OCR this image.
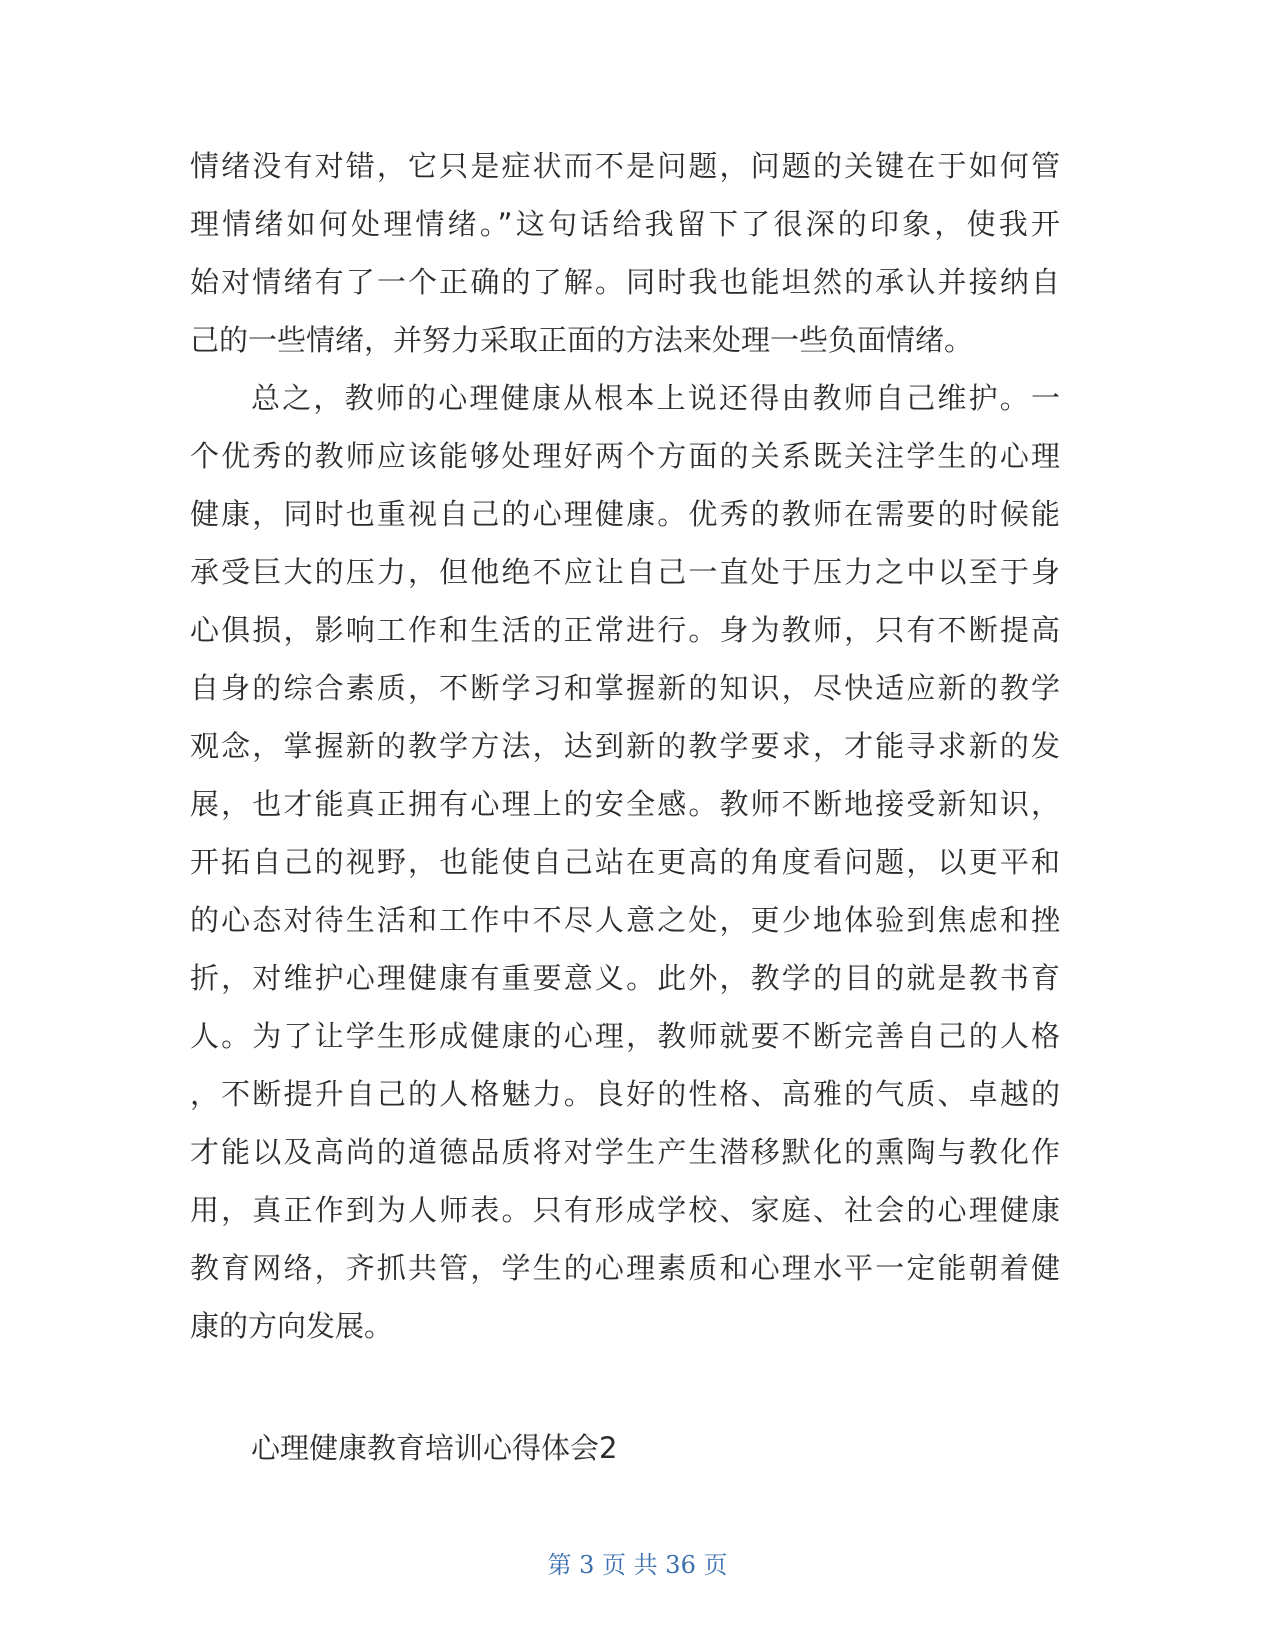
情绪没有对错，它只是症状而不是问题，问题的关键在于如何管
理情绪如何处理情绪。”这句话给我留下了很深的印象，使我开
始对情绪有了一个正确的了解。同时我也能坦然的承认并接纳自
己的一些情绪，并努力采取正面的方法来处理一些负面情绪。
总之，教师的心理健康从根本上说还得由教师自己维护。一
个优秀的教师应该能够处理好两个方面的关系既关注学生的心理
健康，同时也重视自己的心理健康。优秀的教师在需要的时候能
承受巨大的压力，但他绝不应让自己一直处于压力之中以至于身
心俱损，影响工作和生活的正常进行。身为教师，只有不断提高
自身的综合素质，不断学习和掌握新的知识，尽快适应新的教学
观念，掌握新的教学方法，达到新的教学要求，才能寻求新的发
展，也才能真正拥有心理上的安全感。教师不断地接受新知识，
开拓自己的视野，也能使自己站在更高的角度看问题，以更平和
的心态对待生活和工作中不尽人意之处，更少地体验到焦虑和挫
折，对维护心理健康有重要意义。此外，教学的目的就是教书育
人。为了让学生形成健康的心理，教师就要不断完善自己的人格
，不断提升自己的人格魅力。良好的性格、高雅的气质、卓越的
才能以及高尚的道德品质将对学生产生潜移默化的熏陶与教化作
用，真正作到为人师表。只有形成学校、家庭、社会的心理健康
教育网络，齐抓共管，学生的心理素质和心理水平一定能朝着健
康的方向发展。
心理健康教育培训心得体会2
第 3 页 共 36 页
